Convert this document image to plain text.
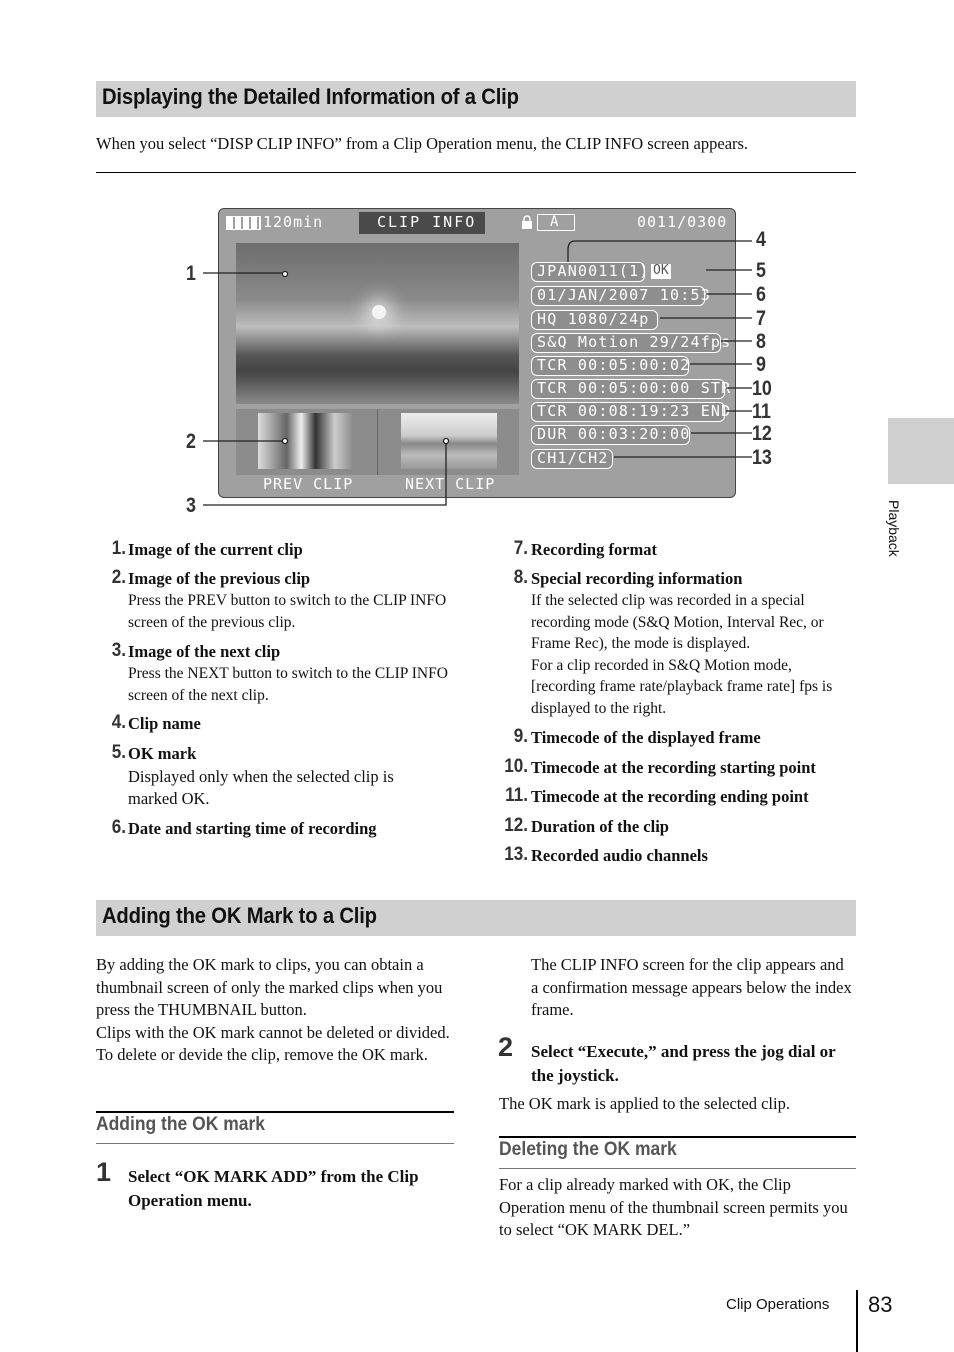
Displaying the Detailed Information of a Clip
When you select “DISP CLIP INFO” from a Clip Operation menu, the CLIP INFO screen appears.
Playback
120min	CLIP INFO	A	0011/0300
PREV CLIP	NEXT CLIP
JPAN0011(1) OK
01/JAN/2007 10:53
HQ 1080/24p
S&Q Motion 29/24fps
TCR 00:05:00:02
TCR 00:05:00:00 STR
TCR 00:08:19:23 END
DUR 00:03:20:00
CH1/CH2
1
2
3
4
5
6
7
8
9
10
11
12
13
1. Image of the current clip
2. Image of the previous clip
Press the PREV button to switch to the CLIP INFO screen of the previous clip.
3. Image of the next clip
Press the NEXT button to switch to the CLIP INFO screen of the next clip.
4. Clip name
5. OK mark
Displayed only when the selected clip is marked OK.
6. Date and starting time of recording
7. Recording format
8. Special recording information
If the selected clip was recorded in a special recording mode (S&Q Motion, Interval Rec, or Frame Rec), the mode is displayed.
For a clip recorded in S&Q Motion mode, [recording frame rate/playback frame rate] fps is displayed to the right.
9. Timecode of the displayed frame
10. Timecode at the recording starting point
11. Timecode at the recording ending point
12. Duration of the clip
13. Recorded audio channels
Adding the OK Mark to a Clip
By adding the OK mark to clips, you can obtain a thumbnail screen of only the marked clips when you press the THUMBNAIL button.
Clips with the OK mark cannot be deleted or divided. To delete or devide the clip, remove the OK mark.
Adding the OK mark
1 Select “OK MARK ADD” from the Clip Operation menu.
The CLIP INFO screen for the clip appears and a confirmation message appears below the index frame.
2 Select “Execute,” and press the jog dial or the joystick.
The OK mark is applied to the selected clip.
Deleting the OK mark
For a clip already marked with OK, the Clip Operation menu of the thumbnail screen permits you to select “OK MARK DEL.”
Clip Operations 83
